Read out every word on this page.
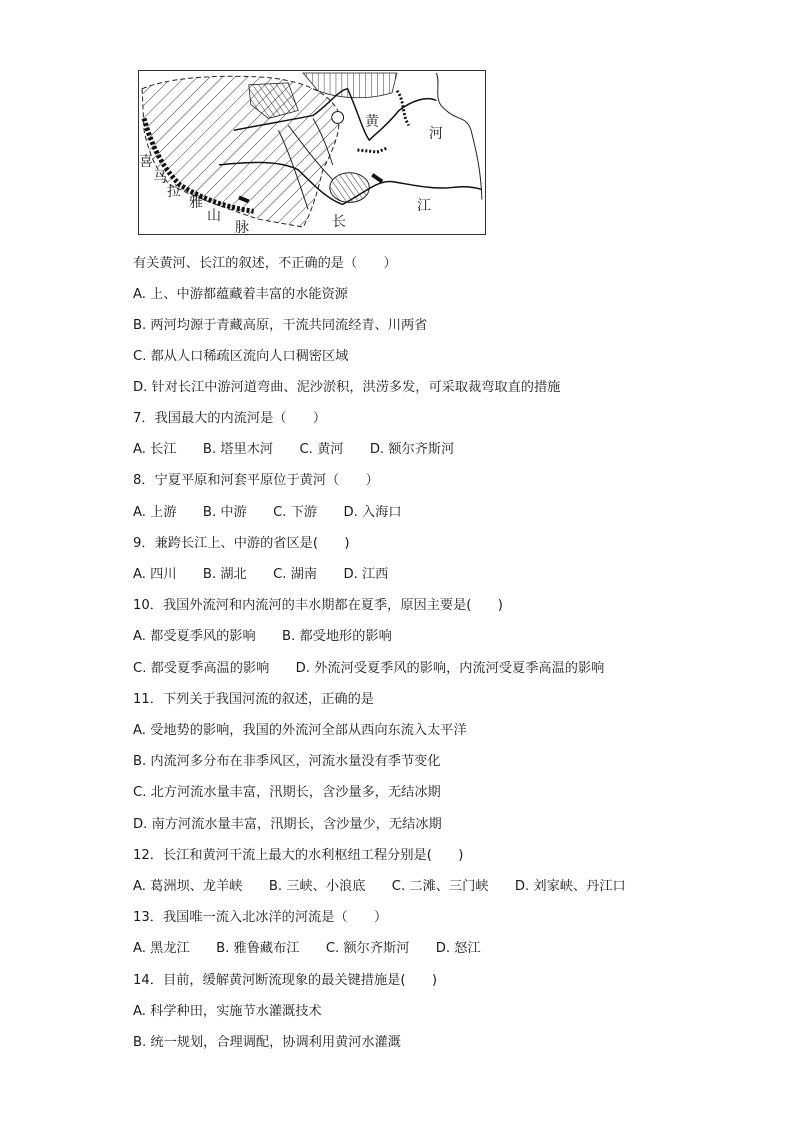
喜
马
拉
雅
山
脉
黄
河
长
江
有关黄河、长江的叙述，不正确的是（　　）
A. 上、中游都蕴藏着丰富的水能资源
B. 两河均源于青藏高原，干流共同流经青、川两省
C. 都从人口稀疏区流向人口稠密区域
D. 针对长江中游河道弯曲、泥沙淤积，洪涝多发，可采取裁弯取直的措施
7．我国最大的内流河是（　　）
A. 长江　　B. 塔里木河　　C. 黄河　　D. 额尔齐斯河
8．宁夏平原和河套平原位于黄河（　　）
A. 上游　　B. 中游　　C. 下游　　D. 入海口
9．兼跨长江上、中游的省区是(　　)
A. 四川　　B. 湖北　　C. 湖南　　D. 江西
10．我国外流河和内流河的丰水期都在夏季，原因主要是(　　)
A. 都受夏季风的影响　　B. 都受地形的影响
C. 都受夏季高温的影响　　D. 外流河受夏季风的影响，内流河受夏季高温的影响
11．下列关于我国河流的叙述，正确的是
A. 受地势的影响，我国的外流河全部从西向东流入太平洋
B. 内流河多分布在非季风区，河流水量没有季节变化
C. 北方河流水量丰富，汛期长，含沙量多，无结冰期
D. 南方河流水量丰富，汛期长，含沙量少，无结冰期
12．长江和黄河干流上最大的水利枢纽工程分别是(　　)
A. 葛洲坝、龙羊峡　　B. 三峡、小浪底　　C. 二滩、三门峡　　D. 刘家峡、丹江口
13．我国唯一流入北冰洋的河流是（　　）
A. 黑龙江　　B. 雅鲁藏布江　　C. 额尔齐斯河　　D. 怒江
14．目前，缓解黄河断流现象的最关键措施是(　　)
A. 科学种田，实施节水灌溉技术
B. 统一规划，合理调配，协调利用黄河水灌溉
